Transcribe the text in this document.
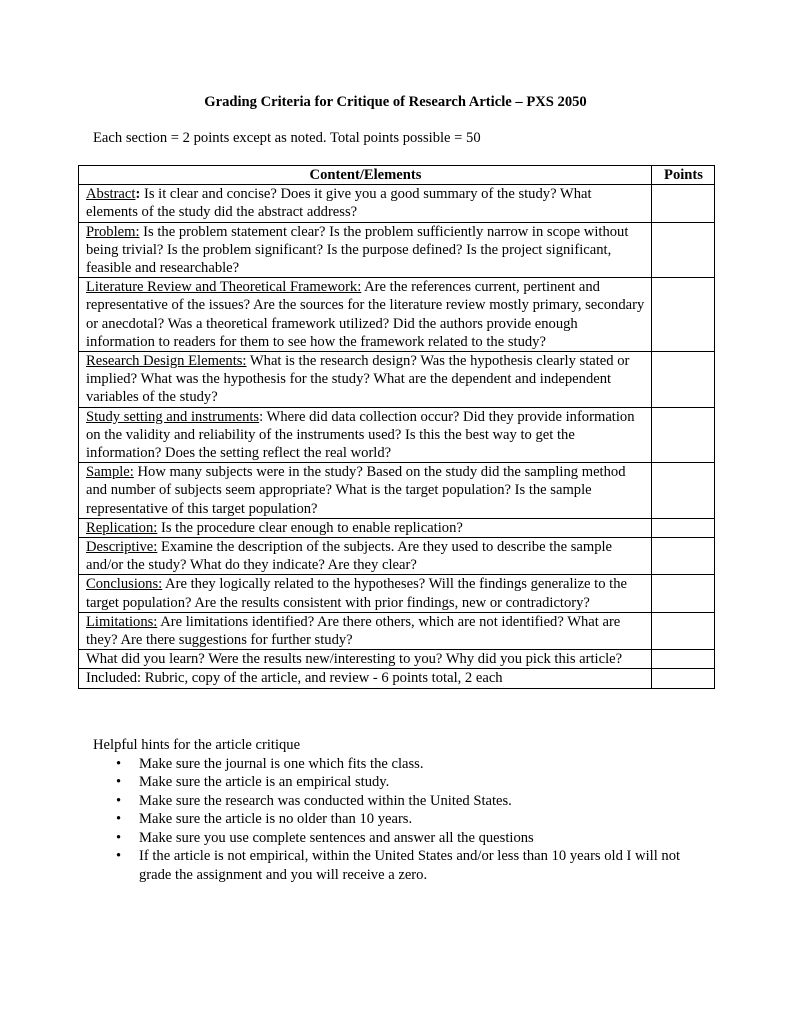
Grading Criteria for Critique of Research Article – PXS 2050
Each section = 2 points except as noted. Total points possible = 50
Content/Elements	Points
Abstract: Is it clear and concise? Does it give you a good summary of the study? What elements of the study did the abstract address?	
Problem: Is the problem statement clear? Is the problem sufficiently narrow in scope without being trivial? Is the problem significant? Is the purpose defined? Is the project significant, feasible and researchable?	
Literature Review and Theoretical Framework: Are the references current, pertinent and representative of the issues? Are the sources for the literature review mostly primary, secondary or anecdotal? Was a theoretical framework utilized? Did the authors provide enough information to readers for them to see how the framework related to the study?	
Research Design Elements: What is the research design? Was the hypothesis clearly stated or implied? What was the hypothesis for the study? What are the dependent and independent variables of the study?	
Study setting and instruments: Where did data collection occur? Did they provide information on the validity and reliability of the instruments used? Is this the best way to get the information? Does the setting reflect the real world?	
Sample: How many subjects were in the study? Based on the study did the sampling method and number of subjects seem appropriate? What is the target population? Is the sample representative of this target population?	
Replication: Is the procedure clear enough to enable replication?	
Descriptive: Examine the description of the subjects. Are they used to describe the sample and/or the study? What do they indicate? Are they clear?	
Conclusions: Are they logically related to the hypotheses? Will the findings generalize to the target population? Are the results consistent with prior findings, new or contradictory?	
Limitations: Are limitations identified? Are there others, which are not identified? What are they? Are there suggestions for further study?	
What did you learn? Were the results new/interesting to you? Why did you pick this article?	
Included: Rubric, copy of the article, and review - 6 points total, 2 each	
Helpful hints for the article critique
• Make sure the journal is one which fits the class.
• Make sure the article is an empirical study.
• Make sure the research was conducted within the United States.
• Make sure the article is no older than 10 years.
• Make sure you use complete sentences and answer all the questions
• If the article is not empirical, within the United States and/or less than 10 years old I will not grade the assignment and you will receive a zero.
